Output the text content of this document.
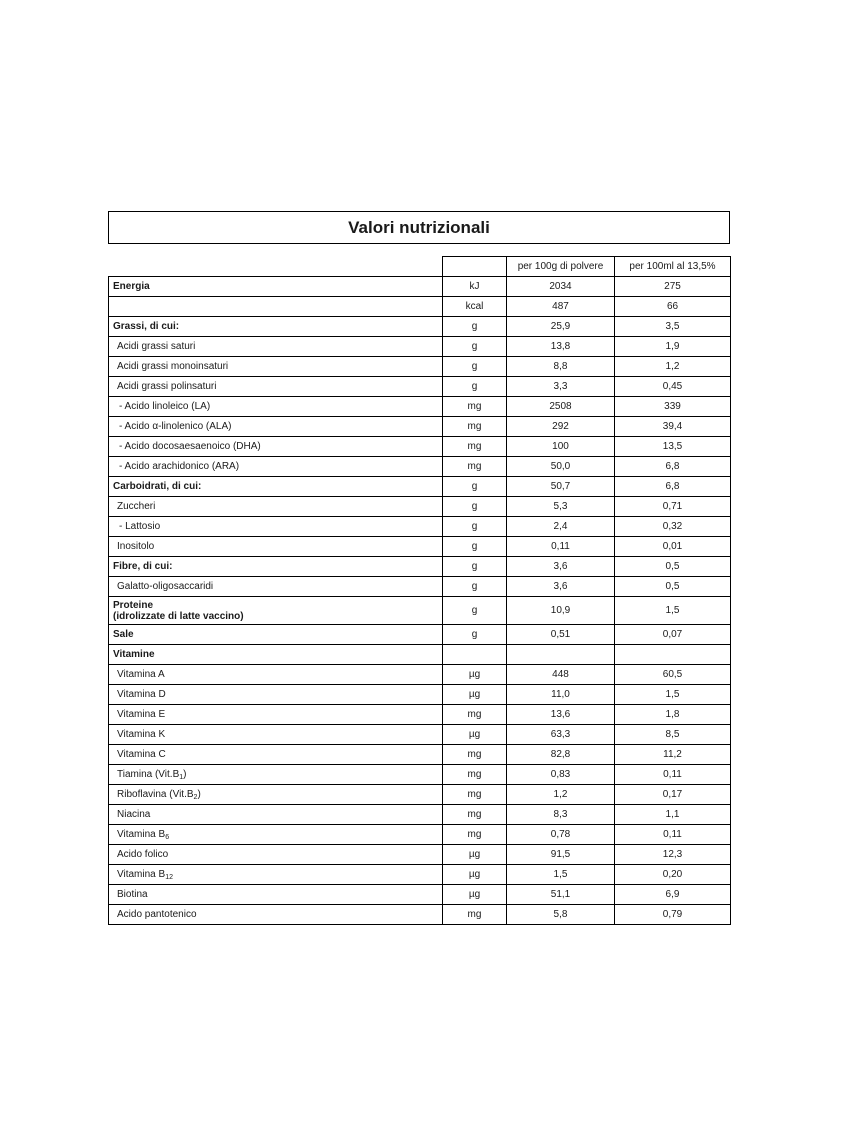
Valori nutrizionali
		per 100g di polvere	per 100ml al 13,5%
Energia	kJ	2034	275
	kcal	487	66
Grassi, di cui:	g	25,9	3,5
Acidi grassi saturi	g	13,8	1,9
Acidi grassi monoinsaturi	g	8,8	1,2
Acidi grassi polinsaturi	g	3,3	0,45
- Acido linoleico (LA)	mg	2508	339
- Acido α-linolenico (ALA)	mg	292	39,4
- Acido docosaesaenoico (DHA)	mg	100	13,5
- Acido arachidonico (ARA)	mg	50,0	6,8
Carboidrati, di cui:	g	50,7	6,8
Zuccheri	g	5,3	0,71
- Lattosio	g	2,4	0,32
Inositolo	g	0,11	0,01
Fibre, di cui:	g	3,6	0,5
Galatto-oligosaccaridi	g	3,6	0,5
Proteine
(idrolizzate di latte vaccino)	g	10,9	1,5
Sale	g	0,51	0,07
Vitamine			
Vitamina A	µg	448	60,5
Vitamina D	µg	11,0	1,5
Vitamina E	mg	13,6	1,8
Vitamina K	µg	63,3	8,5
Vitamina C	mg	82,8	11,2
Tiamina $(Vit.B_1)$	mg	0,83	0,11
Riboflavina $(Vit.B_2)$	mg	1,2	0,17
Niacina	mg	8,3	1,1
Vitamina $B_6$	mg	0,78	0,11
Acido folico	µg	91,5	12,3
Vitamina $B_{12}$	µg	1,5	0,20
Biotina	µg	51,1	6,9
Acido pantotenico	mg	5,8	0,79
